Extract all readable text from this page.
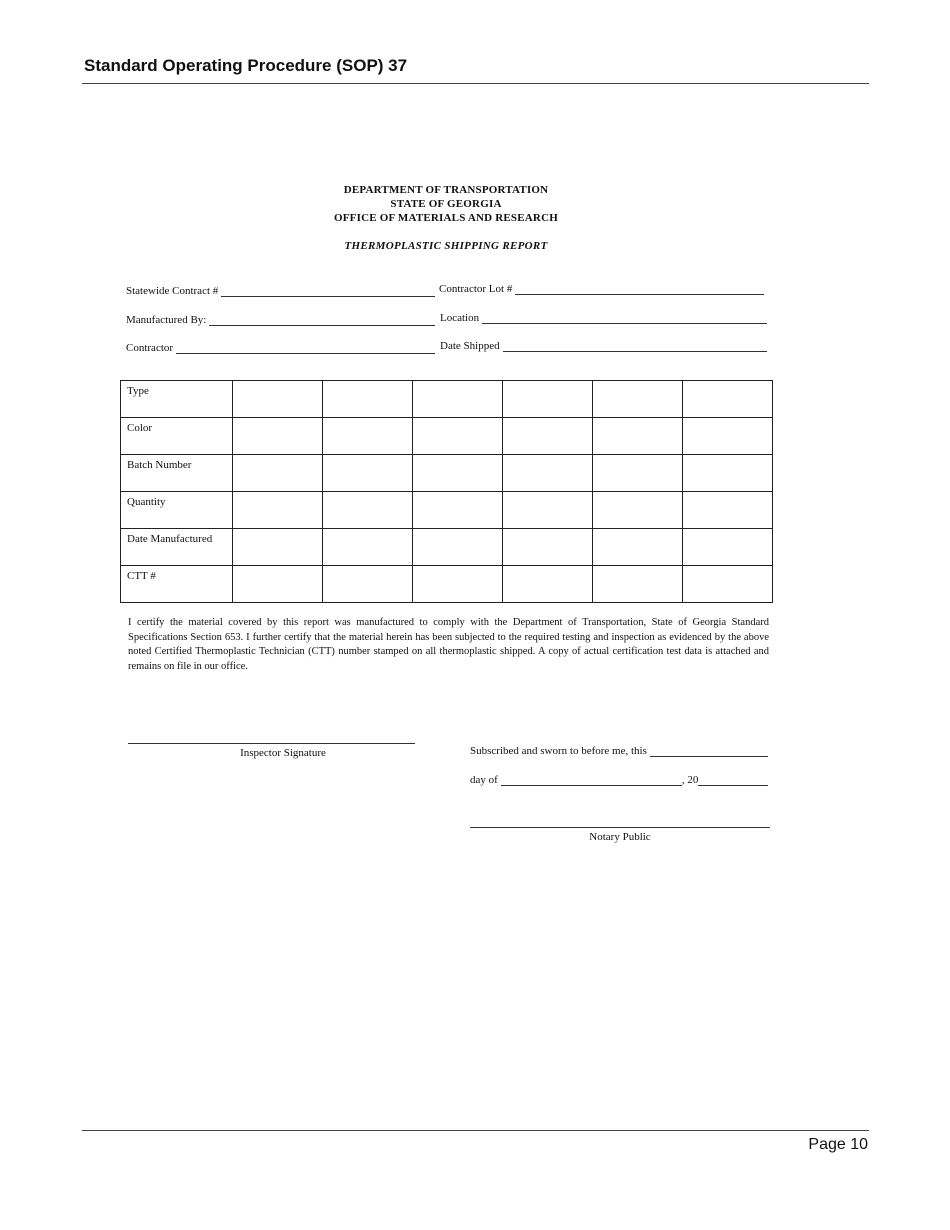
Standard Operating Procedure (SOP) 37
DEPARTMENT OF TRANSPORTATION
STATE OF GEORGIA
OFFICE OF MATERIALS AND RESEARCH
THERMOPLASTIC SHIPPING REPORT
Statewide Contract #	Contractor Lot #
Manufactured By:	Location
Contractor	Date Shipped
Type						
Color						
Batch Number						
Quantity						
Date Manufactured						
CTT #						
I certify the material covered by this report was manufactured to comply with the Department of Transportation, State of Georgia Standard Specifications Section 653. I further certify that the material herein has been subjected to the required testing and inspection as evidenced by the above noted Certified Thermoplastic Technician (CTT) number stamped on all thermoplastic shipped. A copy of actual certification test data is attached and remains on file in our office.
Inspector Signature	Subscribed and sworn to before me, this
day of	, 20
Notary Public
Page 10
